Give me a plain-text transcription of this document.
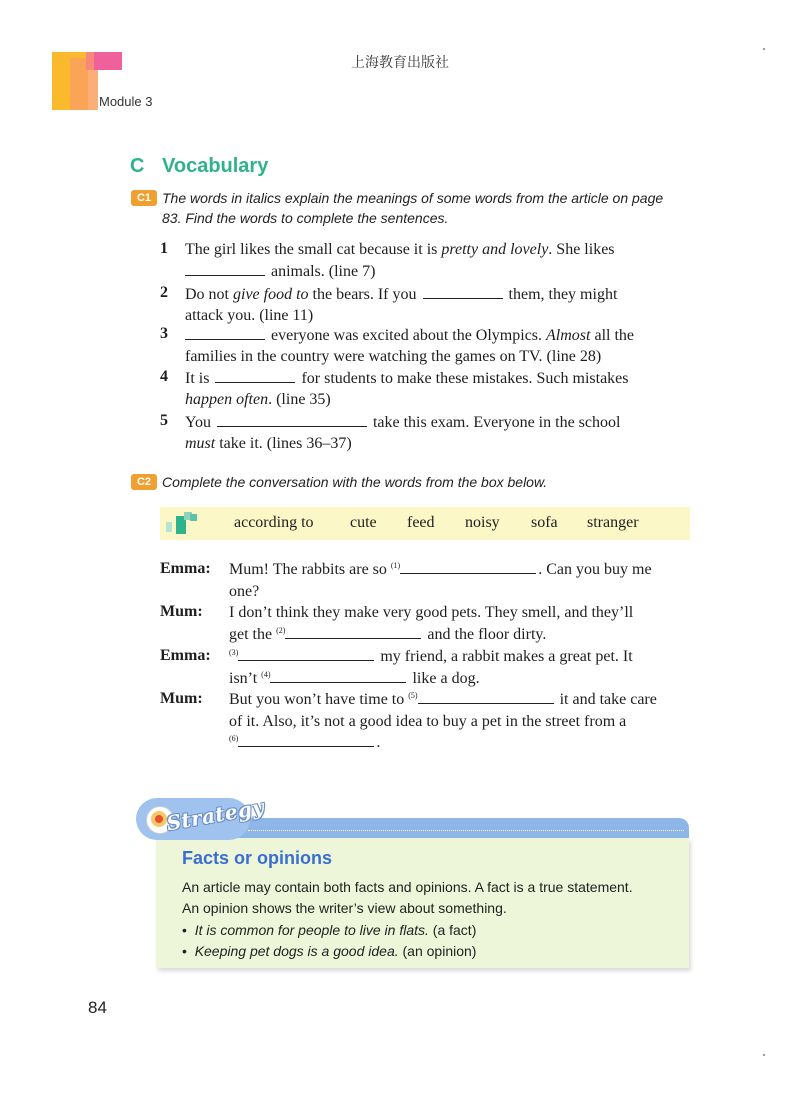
Module 3
上海教育出版社
C Vocabulary
C1 The words in italics explain the meanings of some words from the article on page
83. Find the words to complete the sentences.
1	The girl likes the small cat because it is pretty and lovely. She likes
animals. (line 7)
2	Do not give food to the bears. If you	them, they might
attack you. (line 11)
3	everyone was excited about the Olympics. Almost all the
families in the country were watching the games on TV. (line 28)
4	It is	for students to make these mistakes. Such mistakes
happen often. (line 35)
5	You	take this exam. Everyone in the school
must take it. (lines 36–37)
C2 Complete the conversation with the words from the box below.
according to cute feed noisy sofa stranger
Emma: Mum! The rabbits are so $^{(1)}$	. Can you buy me
one?
Mum: I don’t think they make very good pets. They smell, and they’ll
get the $^{(2)}$	and the floor dirty.
Emma: $^{(3)}$	my friend, a rabbit makes a great pet. It
isn’t $^{(4)}$	like a dog.
Mum: But you won’t have time to $^{(5)}$	it and take care
of it. Also, it’s not a good idea to buy a pet in the street from a
$^{(6)}$	.
Strategy
Facts or opinions
An article may contain both facts and opinions. A fact is a true statement.
An opinion shows the writer’s view about something.
•  It is common for people to live in flats. (a fact)
•  Keeping pet dogs is a good idea. (an opinion)
84
